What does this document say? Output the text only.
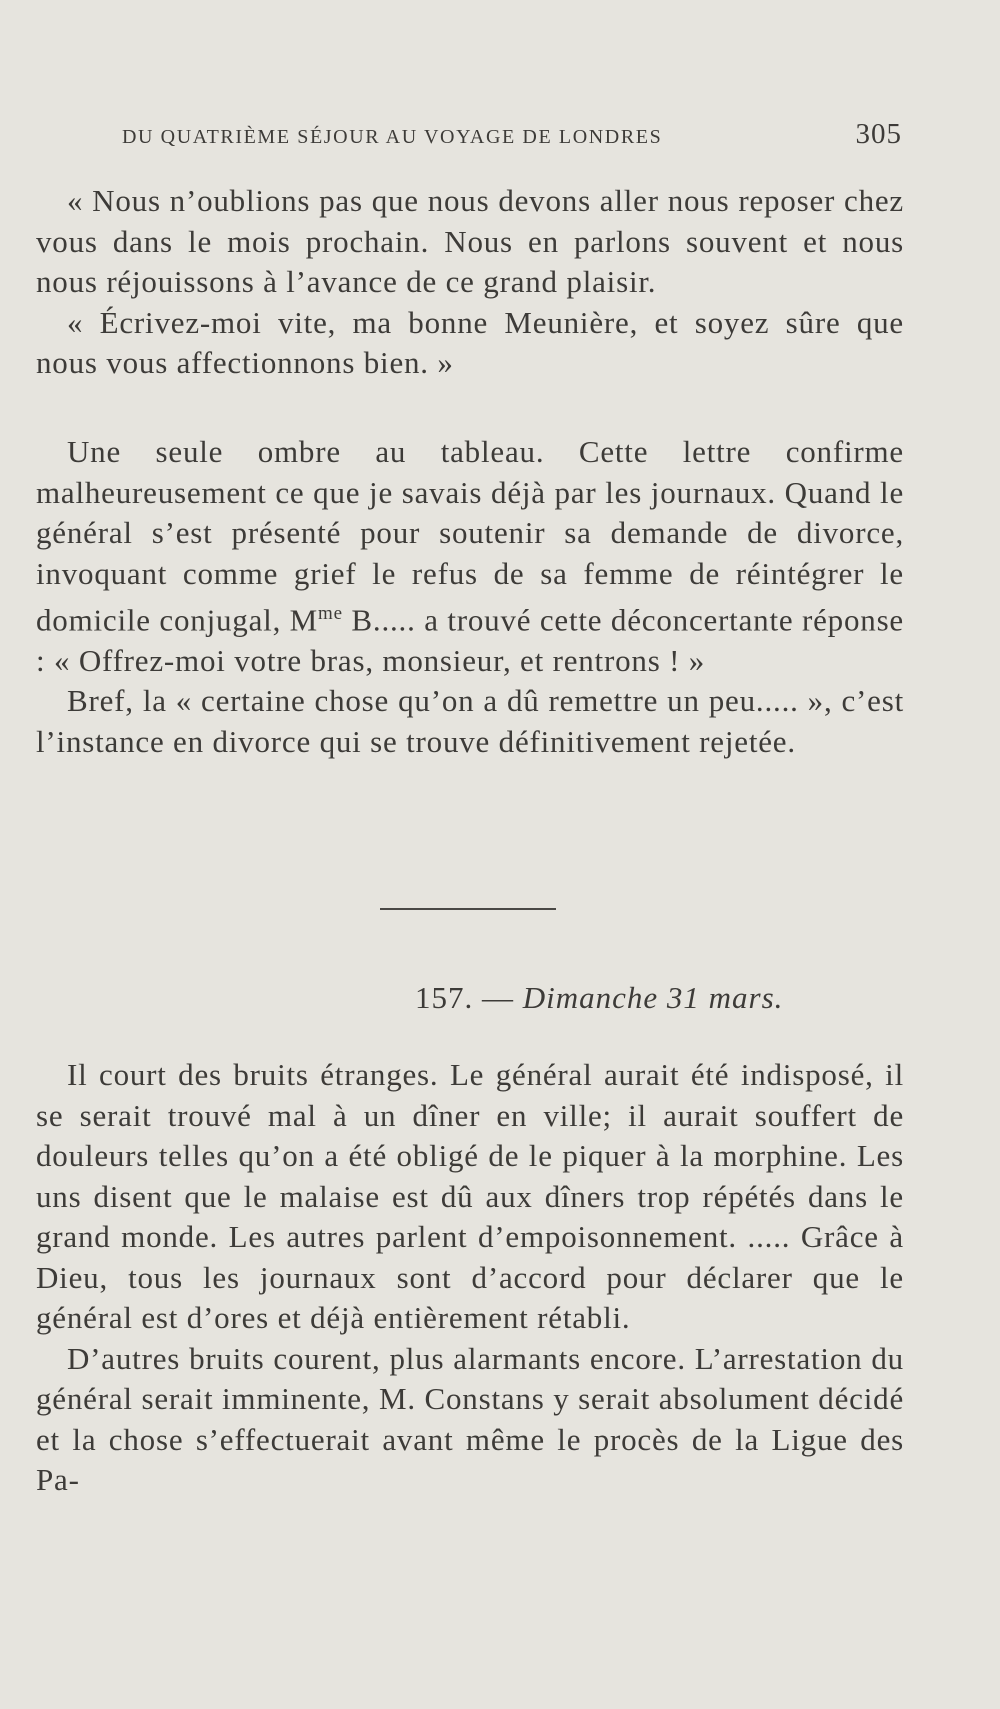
DU QUATRIÈME SÉJOUR AU VOYAGE DE LONDRES	305

« Nous n’oublions pas que nous devons aller nous reposer chez vous dans le mois prochain. Nous en parlons souvent et nous nous réjouissons à l’avance de ce grand plaisir.

« Écrivez-moi vite, ma bonne Meunière, et soyez sûre que nous vous affectionnons bien. »

Une seule ombre au tableau. Cette lettre confirme malheureusement ce que je savais déjà par les journaux. Quand le général s’est présenté pour soutenir sa demande de divorce, invoquant comme grief le refus de sa femme de réintégrer le domicile conjugal, $M^{me}$ B..... a trouvé cette déconcertante réponse : « Offrez-moi votre bras, monsieur, et rentrons ! »

Bref, la « certaine chose qu’on a dû remettre un peu..... », c’est l’instance en divorce qui se trouve définitivement rejetée.

157. — Dimanche 31 mars.

Il court des bruits étranges. Le général aurait été indisposé, il se serait trouvé mal à un dîner en ville; il aurait souffert de douleurs telles qu’on a été obligé de le piquer à la morphine. Les uns disent que le malaise est dû aux dîners trop répétés dans le grand monde. Les autres parlent d’empoisonnement. ..... Grâce à Dieu, tous les journaux sont d’accord pour déclarer que le général est d’ores et déjà entièrement rétabli.

D’autres bruits courent, plus alarmants encore. L’arrestation du général serait imminente, M. Constans y serait absolument décidé et la chose s’effectuerait avant même le procès de la Ligue des Pa-
